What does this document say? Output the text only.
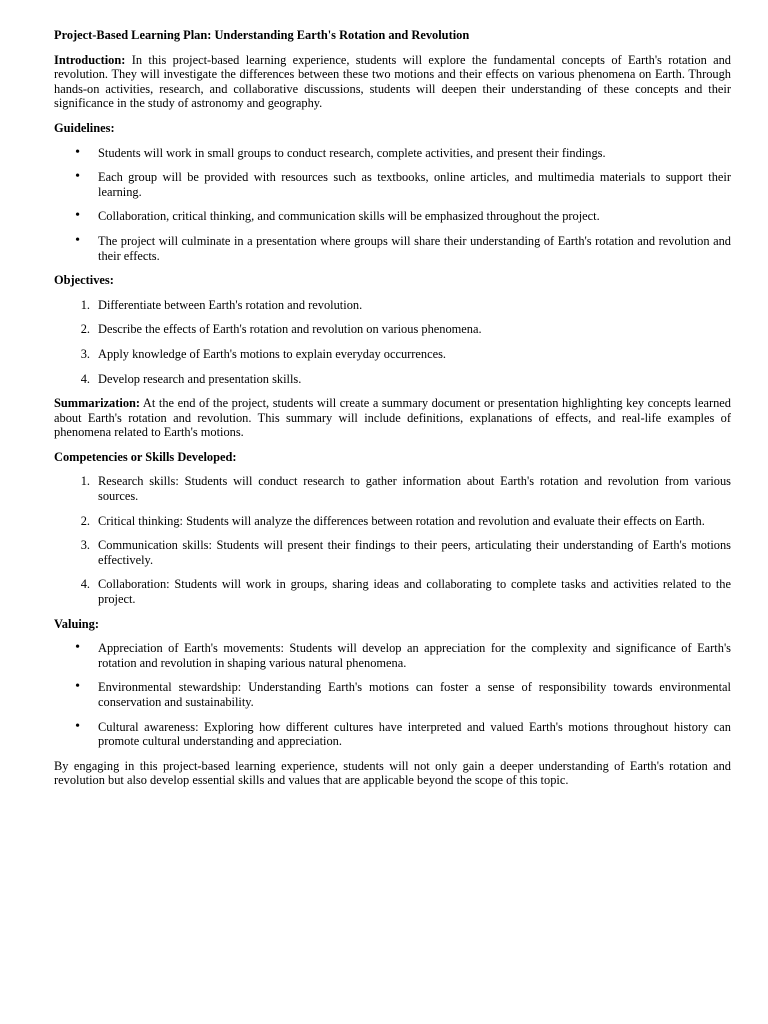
Project-Based Learning Plan: Understanding Earth's Rotation and Revolution

Introduction: In this project-based learning experience, students will explore the fundamental concepts of Earth's rotation and revolution. They will investigate the differences between these two motions and their effects on various phenomena on Earth. Through hands-on activities, research, and collaborative discussions, students will deepen their understanding of these concepts and their significance in the study of astronomy and geography.

Guidelines:
• Students will work in small groups to conduct research, complete activities, and present their findings.
• Each group will be provided with resources such as textbooks, online articles, and multimedia materials to support their learning.
• Collaboration, critical thinking, and communication skills will be emphasized throughout the project.
• The project will culminate in a presentation where groups will share their understanding of Earth's rotation and revolution and their effects.
Objectives:
1. Differentiate between Earth's rotation and revolution.
2. Describe the effects of Earth's rotation and revolution on various phenomena.
3. Apply knowledge of Earth's motions to explain everyday occurrences.
4. Develop research and presentation skills.

Summarization: At the end of the project, students will create a summary document or presentation highlighting key concepts learned about Earth's rotation and revolution. This summary will include definitions, explanations of effects, and real-life examples of phenomena related to Earth's motions.

Competencies or Skills Developed:
1. Research skills: Students will conduct research to gather information about Earth's rotation and revolution from various sources.
2. Critical thinking: Students will analyze the differences between rotation and revolution and evaluate their effects on Earth.
3. Communication skills: Students will present their findings to their peers, articulating their understanding of Earth's motions effectively.
4. Collaboration: Students will work in groups, sharing ideas and collaborating to complete tasks and activities related to the project.
Valuing:
• Appreciation of Earth's movements: Students will develop an appreciation for the complexity and significance of Earth's rotation and revolution in shaping various natural phenomena.
• Environmental stewardship: Understanding Earth's motions can foster a sense of responsibility towards environmental conservation and sustainability.
• Cultural awareness: Exploring how different cultures have interpreted and valued Earth's motions throughout history can promote cultural understanding and appreciation.

By engaging in this project-based learning experience, students will not only gain a deeper understanding of Earth's rotation and revolution but also develop essential skills and values that are applicable beyond the scope of this topic.
